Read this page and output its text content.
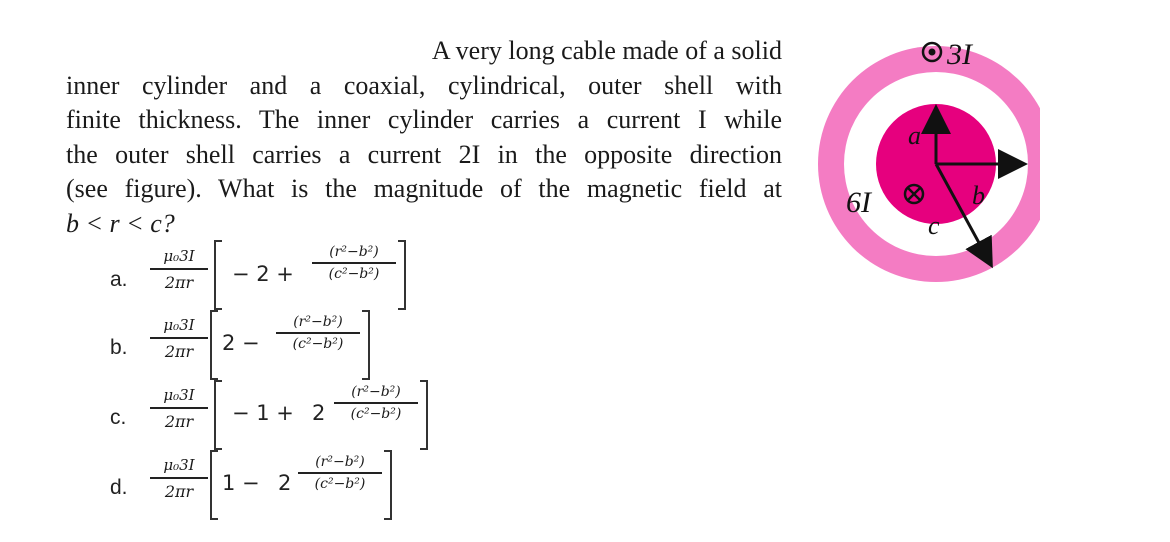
A very long cable made of a solid
inner cylinder and a coaxial, cylindrical, outer shell with
finite thickness. The inner cylinder carries a current I while
the outer shell carries a current 2I in the opposite direction
(see figure). What is the magnitude of the magnetic field at
b < r < c?

a.
μ₀3I
2πr	− 2 +
(r²−b²)
(c²−b²)
b.
μ₀3I
2πr	2 −
(r²−b²)
(c²−b²)
c.
μ₀3I
2πr	− 1 + 2
(r²−b²)
(c²−b²)
d.
μ₀3I
2πr	1 − 2
(r²−b²)
(c²−b²)
3I
6I
a
b
c
